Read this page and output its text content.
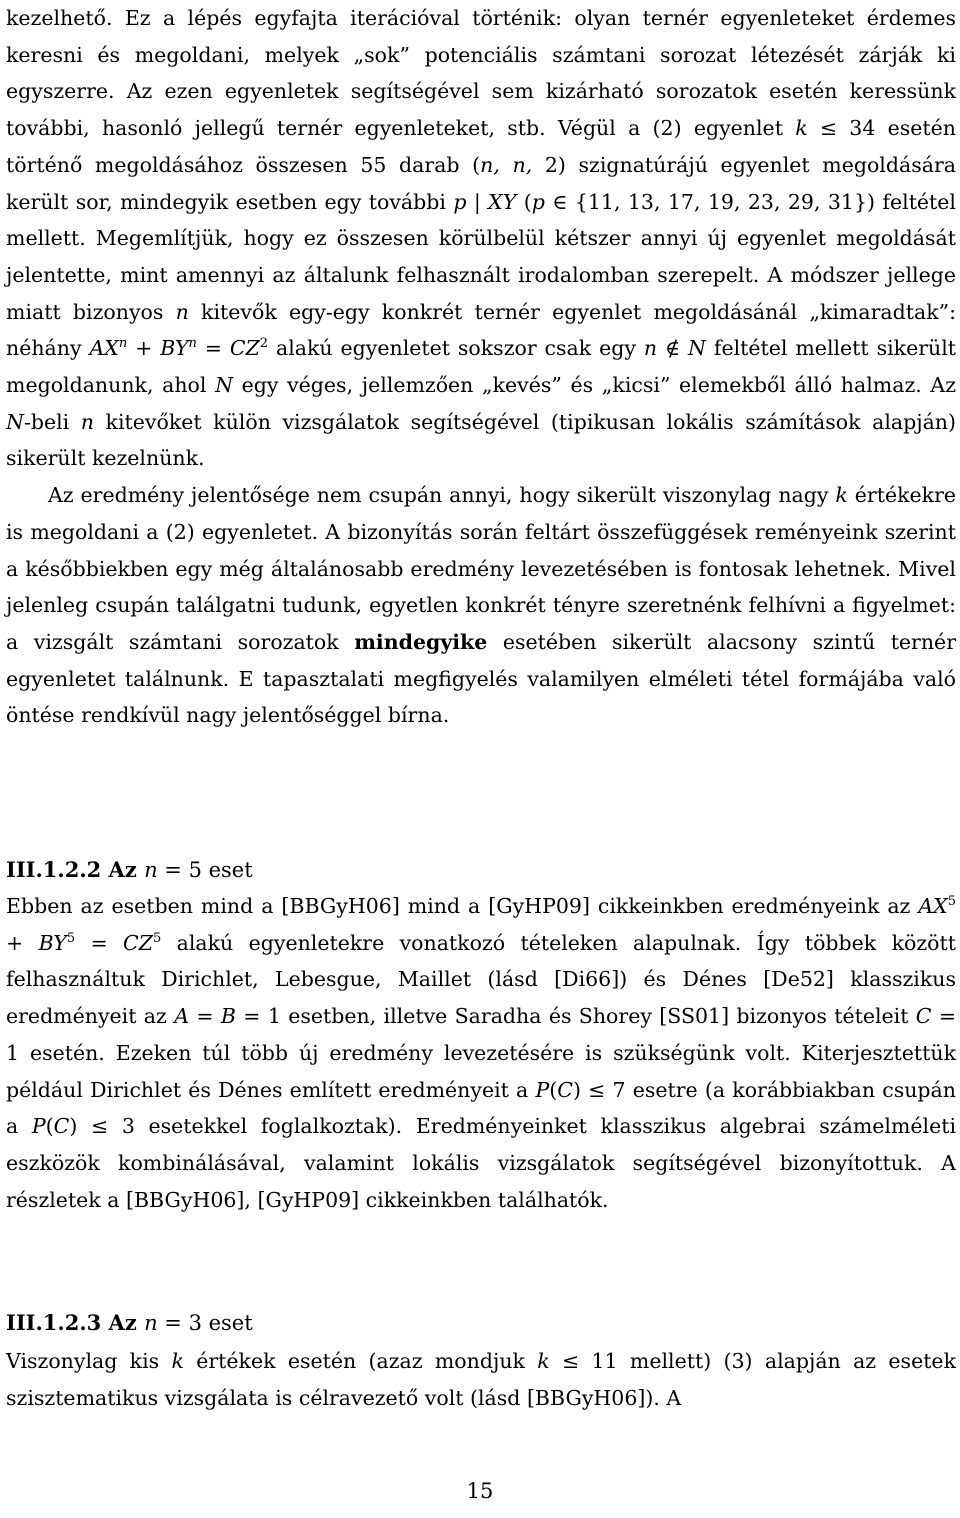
kezelhető. Ez a lépés egyfajta iterációval történik: olyan ternér egyenleteket érdemes keresni és megoldani, melyek „sok” potenciális számtani sorozat létezését zárják ki egyszerre. Az ezen egyenletek segítségével sem kizárható sorozatok esetén keressünk további, hasonló jellegű ternér egyenleteket, stb. Végül a (2) egyenlet k ≤ 34 esetén történő megoldásához összesen 55 darab (n, n, 2) szignatúrájú egyenlet megoldására került sor, mindegyik esetben egy további p | XY (p ∈ {11, 13, 17, 19, 23, 29, 31}) feltétel mellett. Megemlítjük, hogy ez összesen körülbelül kétszer annyi új egyenlet megoldását jelentette, mint amennyi az általunk felhasznált irodalomban szerepelt. A módszer jellege miatt bizonyos n kitevők egy-egy konkrét ternér egyenlet megoldásánál „kimaradtak”: néhány $AX^n + BY^n = CZ^2$ alakú egyenletet sokszor csak egy n ∉ N feltétel mellett sikerült megoldanunk, ahol N egy véges, jellemzően „kevés” és „kicsi” elemekből álló halmaz. Az N-beli n kitevőket külön vizsgálatok segítségével (tipikusan lokális számítások alapján) sikerült kezelnünk.

Az eredmény jelentősége nem csupán annyi, hogy sikerült viszonylag nagy k értékekre is megoldani a (2) egyenletet. A bizonyítás során feltárt összefüggések reményeink szerint a későbbiekben egy még általánosabb eredmény levezetésében is fontosak lehetnek. Mivel jelenleg csupán találgatni tudunk, egyetlen konkrét tényre szeretnénk felhívni a figyelmet: a vizsgált számtani sorozatok mindegyike esetében sikerült alacsony szintű ternér egyenletet találnunk. E tapasztalati megfigyelés valamilyen elméleti tétel formájába való öntése rendkívül nagy jelentőséggel bírna.

III.1.2.2 Az n = 5 eset

Ebben az esetben mind a [BBGyH06] mind a [GyHP09] cikkeinkben eredményeink az $AX^5 + BY^5 = CZ^5$ alakú egyenletekre vonatkozó tételeken alapulnak. Így többek között felhasználtuk Dirichlet, Lebesgue, Maillet (lásd [Di66]) és Dénes [De52] klasszikus eredményeit az A = B = 1 esetben, illetve Saradha és Shorey [SS01] bizonyos tételeit C = 1 esetén. Ezeken túl több új eredmény levezetésére is szükségünk volt. Kiterjesztettük például Dirichlet és Dénes említett eredményeit a P(C) ≤ 7 esetre (a korábbiakban csupán a P(C) ≤ 3 esetekkel foglalkoztak). Eredményeinket klasszikus algebrai számelméleti eszközök kombinálásával, valamint lokális vizsgálatok segítségével bizonyítottuk. A részletek a [BBGyH06], [GyHP09] cikkeinkben találhatók.

III.1.2.3 Az n = 3 eset

Viszonylag kis k értékek esetén (azaz mondjuk k ≤ 11 mellett) (3) alapján az esetek szisztematikus vizsgálata is célravezető volt (lásd [BBGyH06]). A

15
